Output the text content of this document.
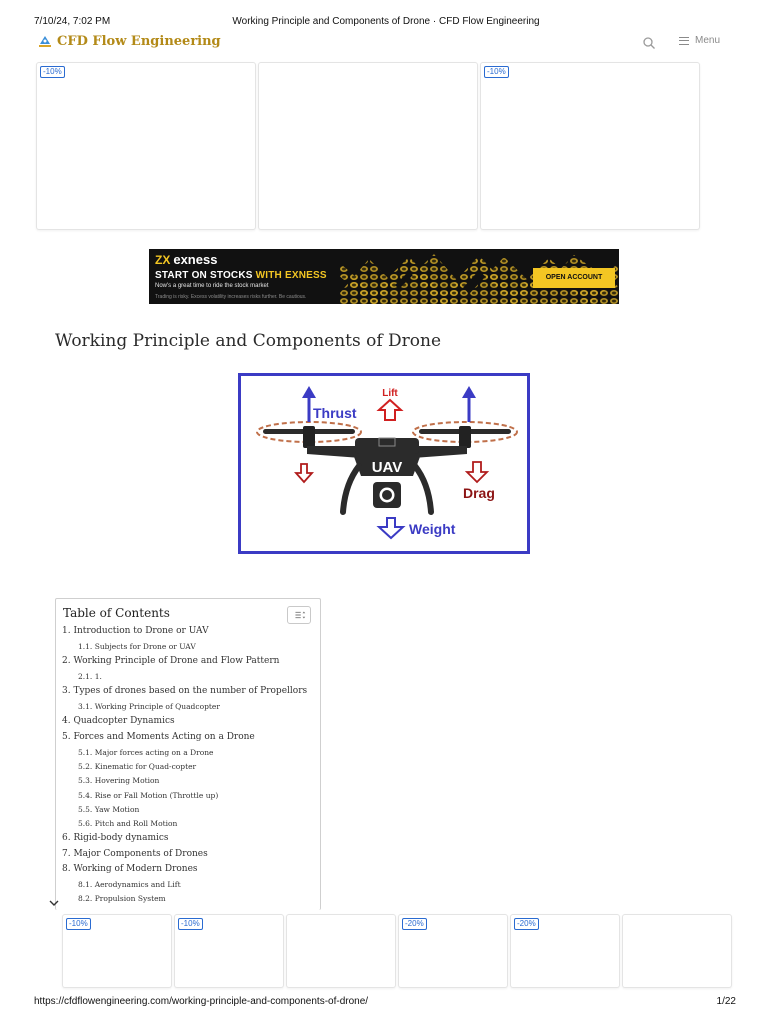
7/10/24, 7:02 PM	Working Principle and Components of Drone · CFD Flow Engineering
CFD Flow Engineering	Menu
-10%	-10%
ZX exness
START ON STOCKS WITH EXNESS
Now's a great time to ride the stock market
Trading is risky. Excess volatility increases risks further. Be cautious.
OPEN ACCOUNT
Working Principle and Components of Drone
UAV
Thrust
Lift
Drag
Weight
Table of Contents
1. Introduction to Drone or UAV
1.1. Subjects for Drone or UAV
2. Working Principle of Drone and Flow Pattern
2.1. 1.
3. Types of drones based on the number of Propellors
3.1. Working Principle of Quadcopter
4. Quadcopter Dynamics
5. Forces and Moments Acting on a Drone
5.1. Major forces acting on a Drone
5.2. Kinematic for Quad-copter
5.3. Hovering Motion
5.4. Rise or Fall Motion (Throttle up)
5.5. Yaw Motion
5.6. Pitch and Roll Motion
6. Rigid-body dynamics
7. Major Components of Drones
8. Working of Modern Drones
8.1. Aerodynamics and Lift
8.2. Propulsion System
-10%	-10%	-20%	-20%
https://cfdflowengineering.com/working-principle-and-components-of-drone/	1/22
